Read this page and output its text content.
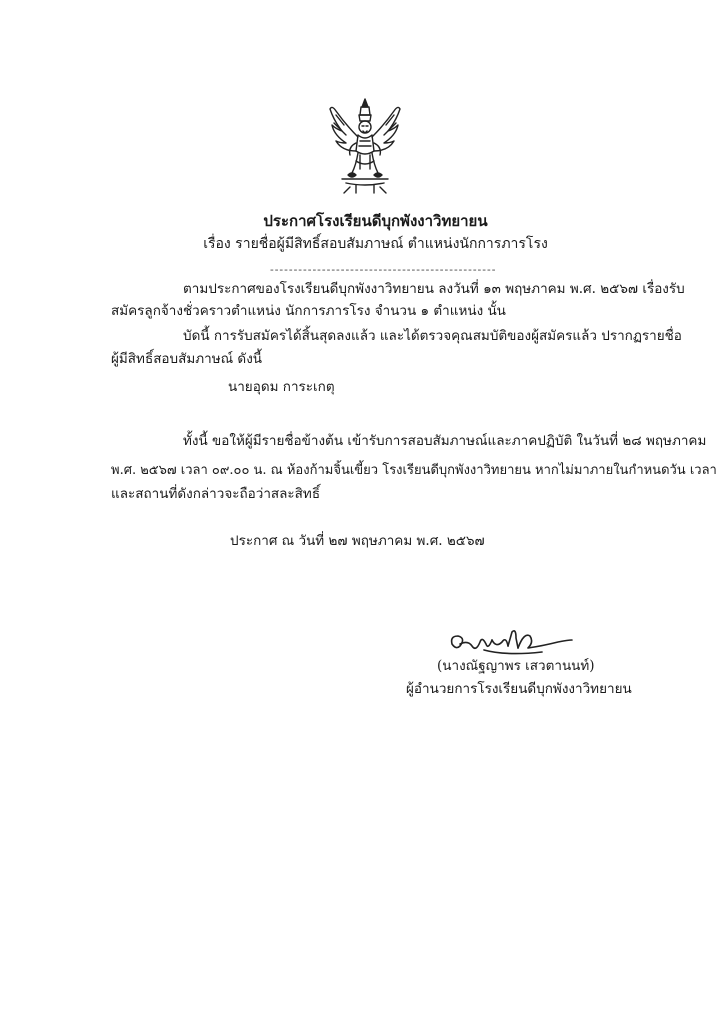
ประกาศโรงเรียนดีบุกพังงาวิทยายน
เรื่อง รายชื่อผู้มีสิทธิ์สอบสัมภาษณ์ ตำแหน่งนักการภารโรง
------------------------------------------------
ตามประกาศของโรงเรียนดีบุกพังงาวิทยายน ลงวันที่ ๑๓ พฤษภาคม พ.ศ. ๒๕๖๗ เรื่องรับ
สมัครลูกจ้างชั่วคราวตำแหน่ง นักการภารโรง จำนวน ๑ ตำแหน่ง นั้น
บัดนี้ การรับสมัครได้สิ้นสุดลงแล้ว และได้ตรวจคุณสมบัติของผู้สมัครแล้ว ปรากฏรายชื่อ
ผู้มีสิทธิ์สอบสัมภาษณ์ ดังนี้
นายอุดม การะเกตุ
ทั้งนี้ ขอให้ผู้มีรายชื่อข้างต้น เข้ารับการสอบสัมภาษณ์และภาคปฏิบัติ ในวันที่ ๒๘ พฤษภาคม
พ.ศ. ๒๕๖๗ เวลา ๐๙.๐๐ น. ณ ห้องก้ามจิ้นเขี้ยว โรงเรียนดีบุกพังงาวิทยายน หากไม่มาภายในกำหนดวัน เวลา
และสถานที่ดังกล่าวจะถือว่าสละสิทธิ์
ประกาศ ณ วันที่ ๒๗ พฤษภาคม พ.ศ. ๒๕๖๗
(นางณัฐญาพร เสวตานนท์)
ผู้อำนวยการโรงเรียนดีบุกพังงาวิทยายน
